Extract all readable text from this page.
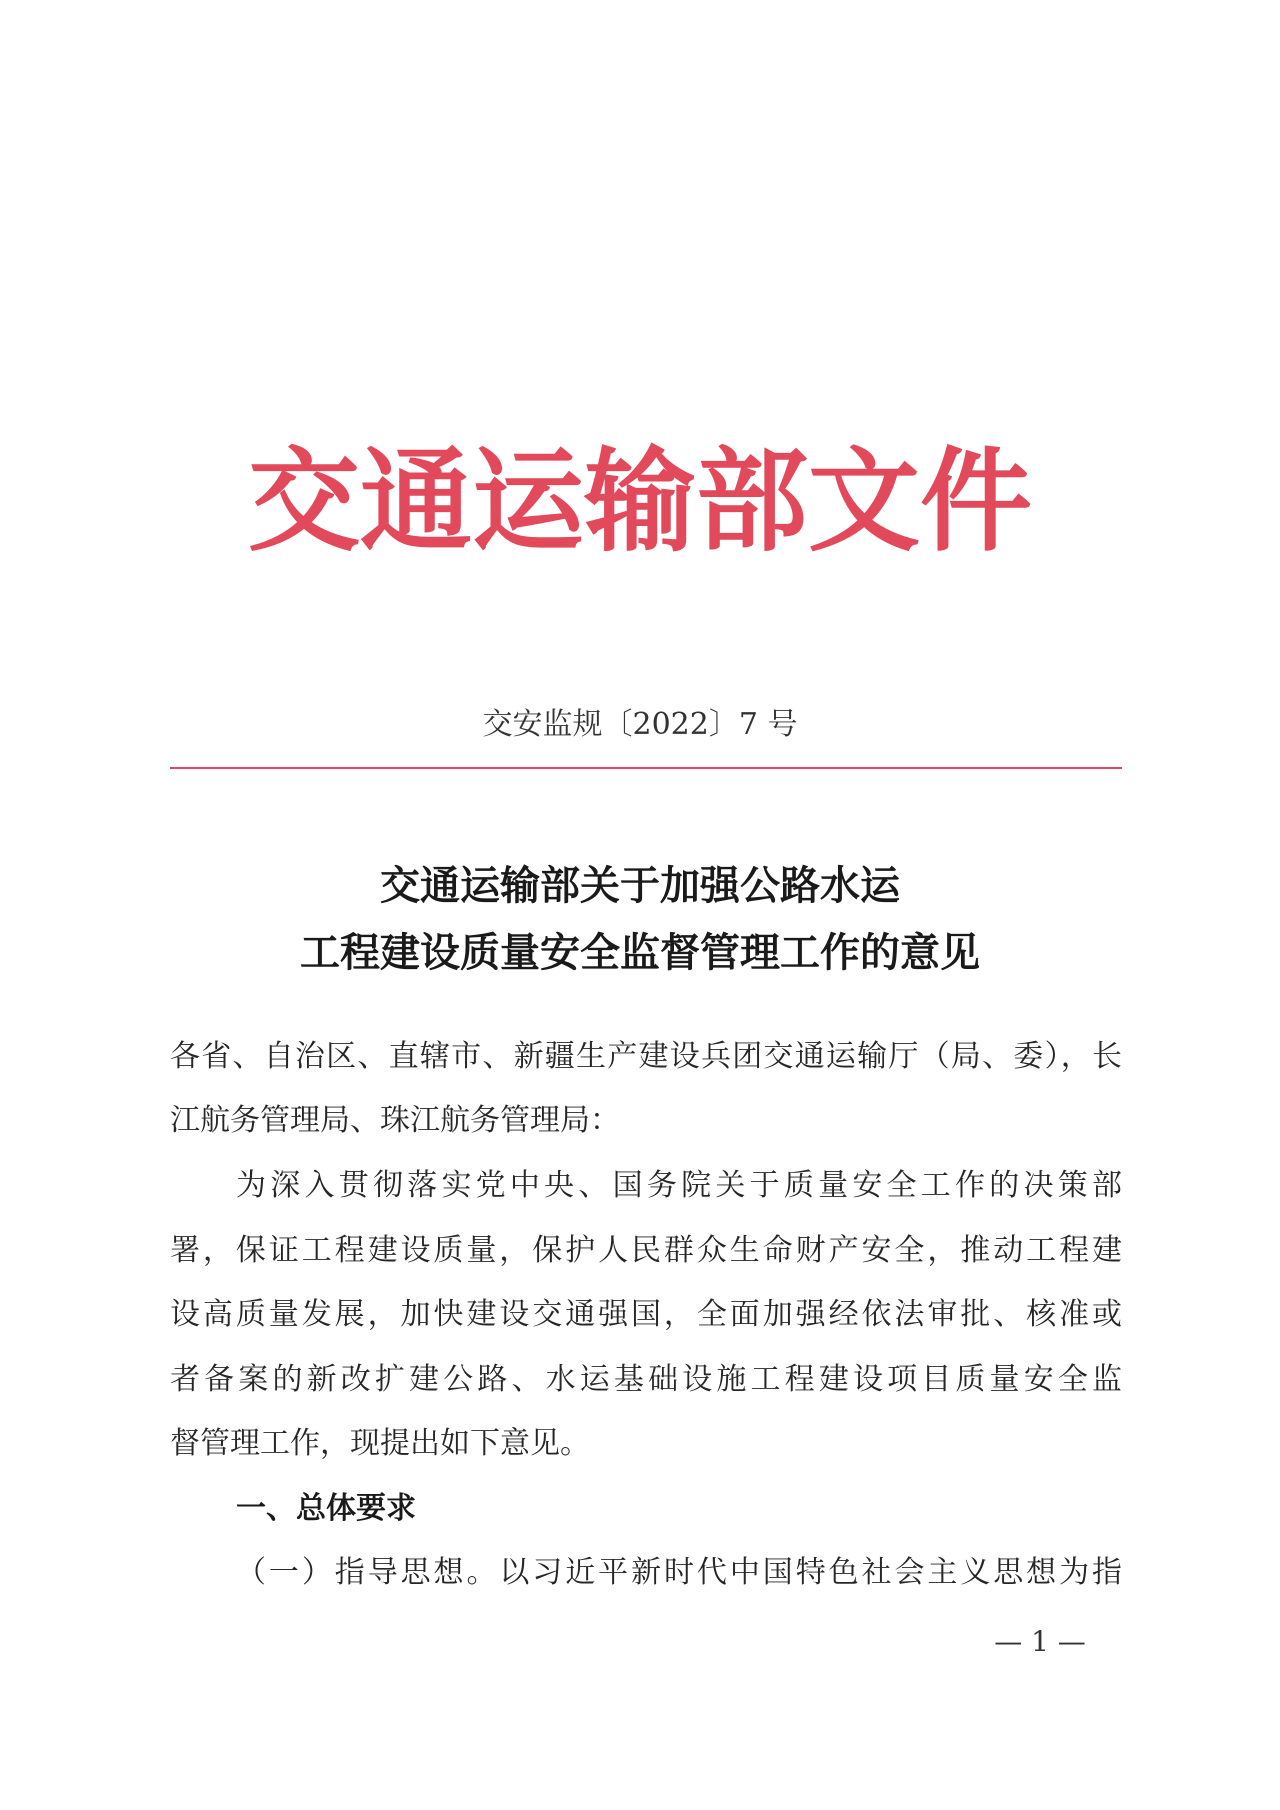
交通运输部文件
交安监规〔2022〕7 号
交通运输部关于加强公路水运
工程建设质量安全监督管理工作的意见
各省、自治区、直辖市、新疆生产建设兵团交通运输厅（局、委），长
江航务管理局、珠江航务管理局：
为深入贯彻落实党中央、国务院关于质量安全工作的决策部
署，保证工程建设质量，保护人民群众生命财产安全，推动工程建
设高质量发展，加快建设交通强国，全面加强经依法审批、核准或
者备案的新改扩建公路、水运基础设施工程建设项目质量安全监
督管理工作，现提出如下意见。
一、总体要求
（一）指导思想。以习近平新时代中国特色社会主义思想为指
— 1 —
